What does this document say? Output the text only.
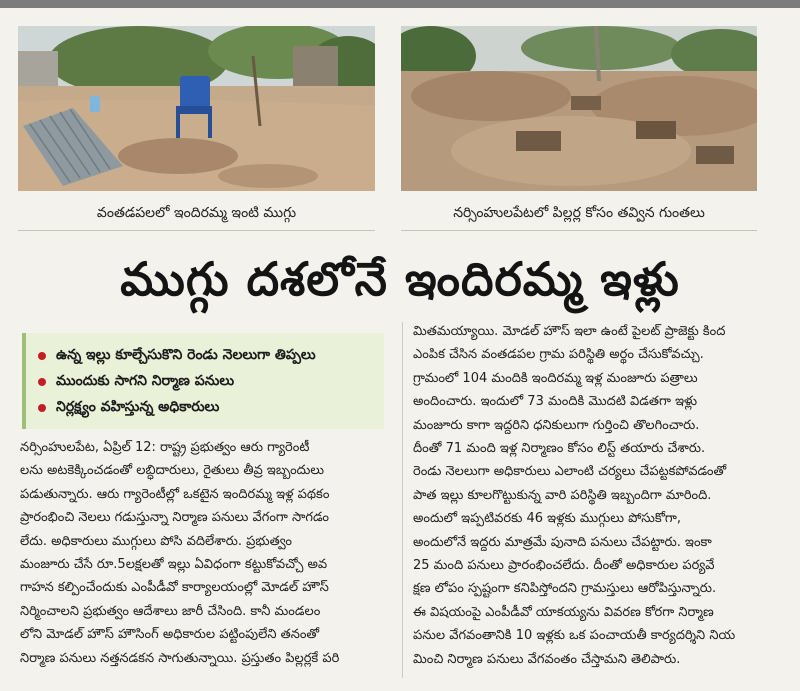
వంతడపలలో ఇందిరమ్మ ఇంటి ముగ్గు	నర్సింహులపేటలో పిల్లర్ల కోసం తవ్విన గుంతలు
ముగ్గు దశలోనే ఇందిరమ్మ ఇళ్లు
ఉన్న ఇల్లు కూల్చేసుకొని రెండు నెలలుగా తిప్పలు
ముందుకు సాగని నిర్మాణ పనులు
నిర్లక్ష్యం వహిస్తున్న అధికారులు
నర్సింహులపేట, ఏప్రిల్ 12: రాష్ట్ర ప్రభుత్వం ఆరు గ్యారెంటీ
లను అటకెక్కించడంతో లబ్ధిదారులు, రైతులు తీవ్ర ఇబ్బందులు
పడుతున్నారు. ఆరు గ్యారెంటీల్లో ఒకటైన ఇందిరమ్మ ఇళ్ల పథకం
ప్రారంభించి నెలలు గడుస్తున్నా నిర్మాణ పనులు వేగంగా సాగడం
లేదు. అధికారులు ముగ్గులు పోసి వదిలేశారు. ప్రభుత్వం
మంజూరు చేసే రూ.5లక్షలతో ఇల్లు ఏవిధంగా కట్టుకోవచ్చో అవ
గాహన కల్పించేందుకు ఎంపీడీవో కార్యాలయంల్లో మోడల్ హౌస్
నిర్మించాలని ప్రభుత్వం ఆదేశాలు జారీ చేసింది. కానీ మండలం
లోని మోడల్ హౌస్ హౌసింగ్ అధికారుల పట్టింపులేని తనంతో
నిర్మాణ పనులు నత్తనడకన సాగుతున్నాయి. ప్రస్తుతం పిల్లర్లకే పరి
మితమయ్యాయి. మోడల్ హౌస్ ఇలా ఉంటే పైలట్ ప్రాజెక్టు కింద
ఎంపిక చేసిన వంతడపల గ్రామ పరిస్థితి అర్థం చేసుకోవచ్చు.
గ్రామంలో 104 మందికి ఇందిరమ్మ ఇళ్ల మంజూరు పత్రాలు
అందించారు. ఇందులో 73 మందికి మొదటి విడతగా ఇళ్లు
మంజూరు కాగా ఇద్దరిని ధనికులుగా గుర్తించి తొలగించారు.
దీంతో 71 మంది ఇళ్ల నిర్మాణం కోసం లిస్ట్ తయారు చేశారు.
రెండు నెలలుగా అధికారులు ఎలాంటి చర్యలు చేపట్టకపోవడంతో
పాత ఇల్లు కూలగొట్టుకున్న వారి పరిస్థితి ఇబ్బందిగా మారింది.
అందులో ఇప్పటివరకు 46 ఇళ్లకు ముగ్గులు పోసుకోగా,
అందులోనే ఇద్దరు మాత్రమే పునాది పనులు చేపట్టారు. ఇంకా
25 మంది పనులు ప్రారంభించలేదు. దీంతో అధికారుల పర్యవే
క్షణ లోపం స్పష్టంగా కనిపిస్తోందని గ్రామస్తులు ఆరోపిస్తున్నారు.
ఈ విషయంపై ఎంపీడీవో యాకయ్యను వివరణ కోరగా నిర్మాణ
పనుల వేగవంతానికి 10 ఇళ్లకు ఒక పంచాయతీ కార్యదర్శిని నియ
మించి నిర్మాణ పనులు వేగవంతం చేస్తామని తెలిపారు.
